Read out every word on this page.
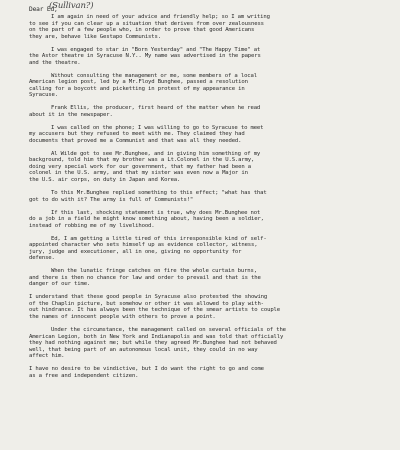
Dear Ed,
( Sullivan? )

I am again in need of your advice and friendly help; so I am writing
to see if you can clear up a situation that derives from over zealousness
on the part of a few people who, in order to prove that good Americans
they are, behave like Gestapo Communists.

I was engaged to star in "Born Yesterday" and "The Happy Time" at
the Astor theatre in Syracuse N.Y.. My name was advertised in the papers
and the theatre.

Without consulting the management or me, some members of a local
American legion post, led by a Mr.Floyd Bunghee, passed a resolution
calling for a boycott and picketting in protest of my appearance in
Syracuse.

Frank Ellis, the producer, first heard of the matter when he read
about it in the newspaper.

I was called on the phone; I was willing to go to Syracuse to meet
my accusers but they refused to meet with me. They claimed they had
documents that proved me a Communist and that was all they needed.

Al Wilde got to see Mr.Bunghee, and in giving him something of my
background, told him that my brother was a Lt.Colonel in the U.S.army,
doing very special work for our government, that my father had been a
colonel in the U.S. army, and that my sister was even now a Major in
the U.S. air corps, on duty in Japan and Korea.

To this Mr.Bunghee replied something to this effect; "what has that
got to do with it? The army is full of Communists!"

If this last, shocking statement is true, why does Mr.Bunghee not
do a job in a field he might know something about, having been a soldier,
instead of robbing me of my livelihood.

Ed, I am getting a little tired of this irresponsible kind of self-
appointed character who sets himself up as evidence collector, witness,
jury, judge and executioner, all in one, giving no opportunity for
defense.

When the lunatic fringe catches on fire the whole curtain burns,
and there is then no chance for law and order to prevail and that is the
danger of our time.

I understand that these good people in Syracuse also protested the showing
of the Chaplin picture, but somehow or other it was allowed to play with-
out hindrance. It has always been the technique of the smear artists to couple
the names of innocent people with others to prove a point.

Under the circumstance, the management called on several officials of the
American Legion, both in New York and Indianapolis and was told that officially
they had nothing against me; but while they agreed Mr.Bunghee had not behaved
well, that being part of an autonomous local unit, they could in no way
affect him.

I have no desire to be vindictive, but I do want the right to go and come
as a free and independent citizen.
